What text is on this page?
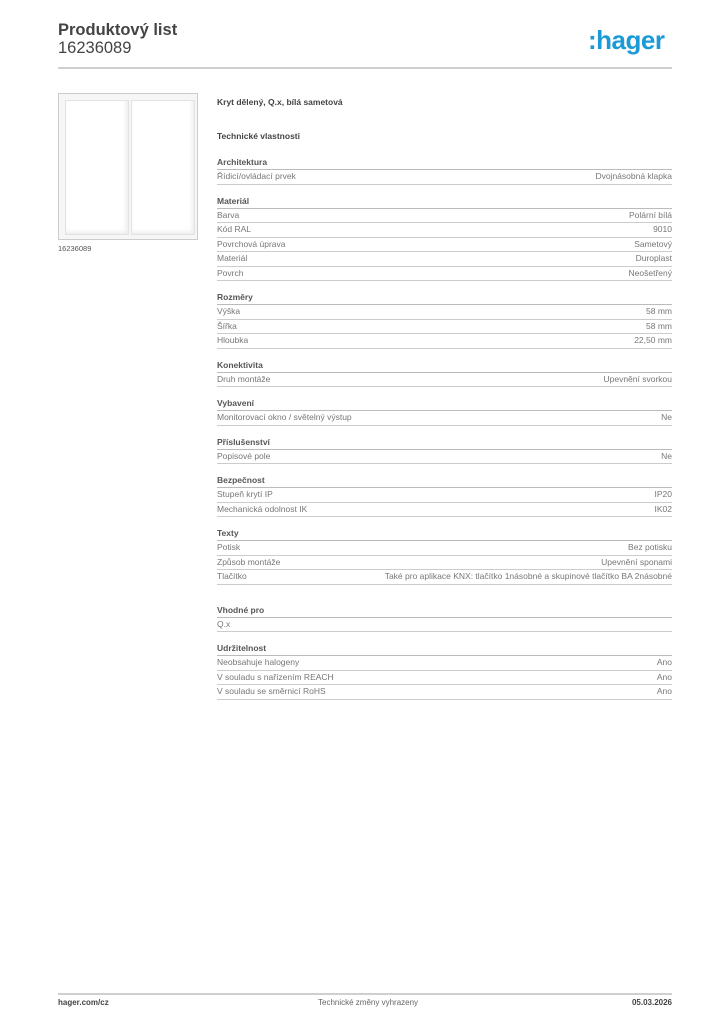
Produktový list
16236089	:hager
16236089
Kryt dělený, Q.x, bílá sametová
Technické vlastnosti
Architektura
Řídicí/ovládací prvek	Dvojnásobná klapka
Materiál
Barva	Polární bílá
Kód RAL	9010
Povrchová úprava	Sametový
Materiál	Duroplast
Povrch	Neošetřený
Rozměry
Výška	58 mm
Šířka	58 mm
Hloubka	22,50 mm
Konektivita
Druh montáže	Upevnění svorkou
Vybavení
Monitorovací okno / světelný výstup	Ne
Příslušenství
Popisové pole	Ne
Bezpečnost
Stupeň krytí IP	IP20
Mechanická odolnost IK	IK02
Texty
Potisk	Bez potisku
Způsob montáže	Upevnění sponami
Tlačítko	Také pro aplikace KNX: tlačítko 1násobné a skupinové tlačítko BA 2násobné
Vhodné pro
Q.x
Udržitelnost
Neobsahuje halogeny	Ano
V souladu s nařízením REACH	Ano
V souladu se směrnicí RoHS	Ano
hager.com/cz	Technické změny vyhrazeny	05.03.2026
